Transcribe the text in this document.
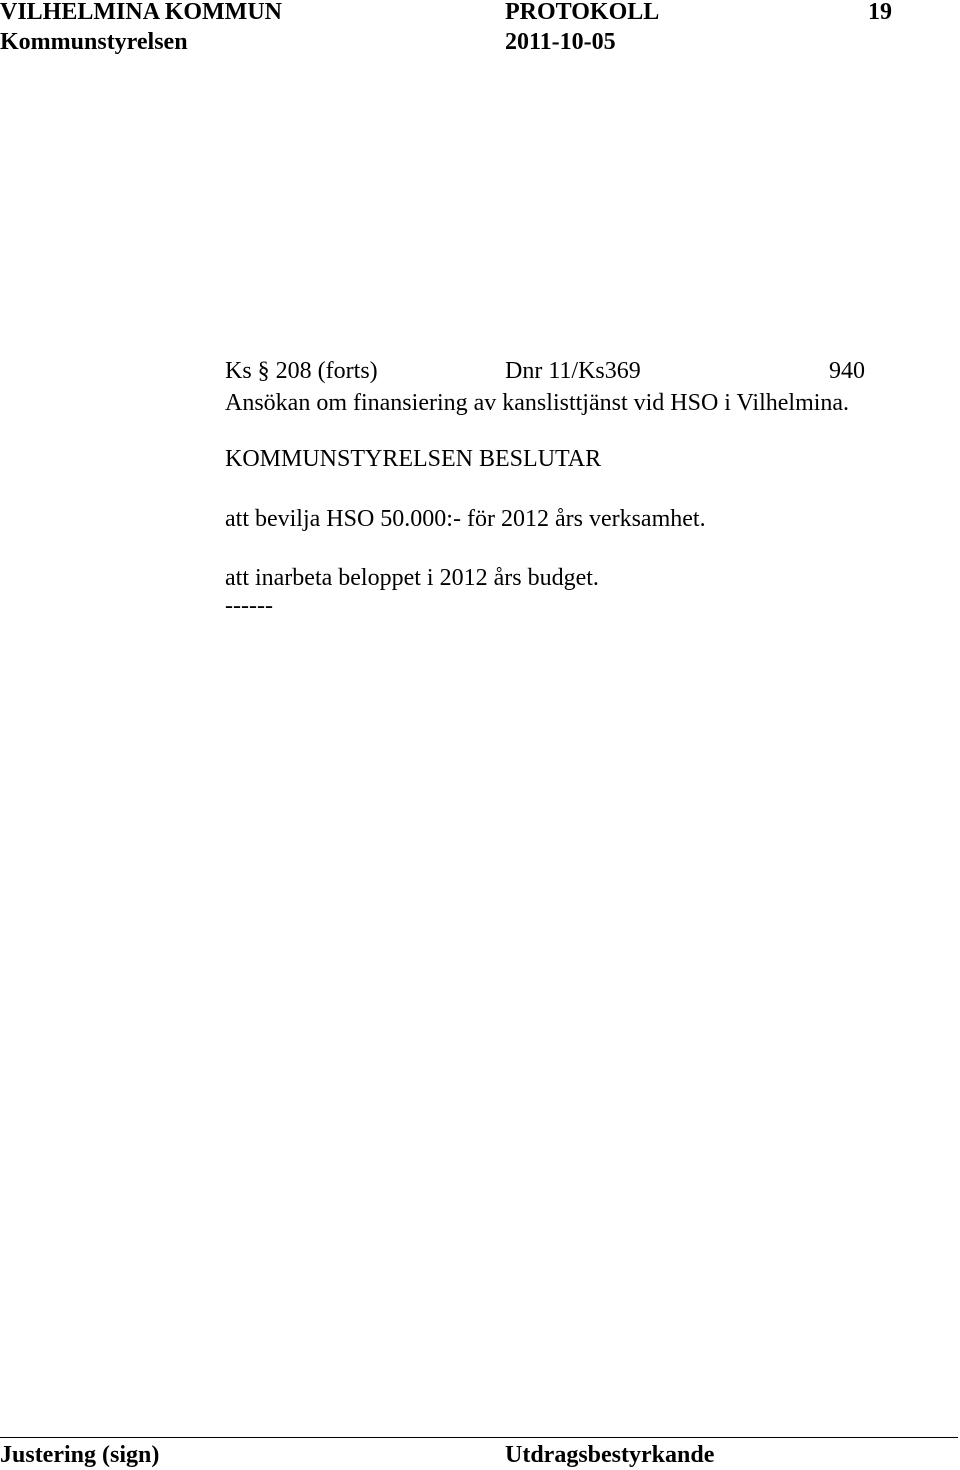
VILHELMINA KOMMUN	PROTOKOLL	19
Kommunstyrelsen	2011-10-05
Ks § 208 (forts)	Dnr 11/Ks369	940
Ansökan om finansiering av kanslisttjänst vid HSO i Vilhelmina.
KOMMUNSTYRELSEN BESLUTAR
att bevilja HSO 50.000:- för 2012 års verksamhet.
att inarbeta beloppet i 2012 års budget.
------
Justering (sign)	Utdragsbestyrkande
